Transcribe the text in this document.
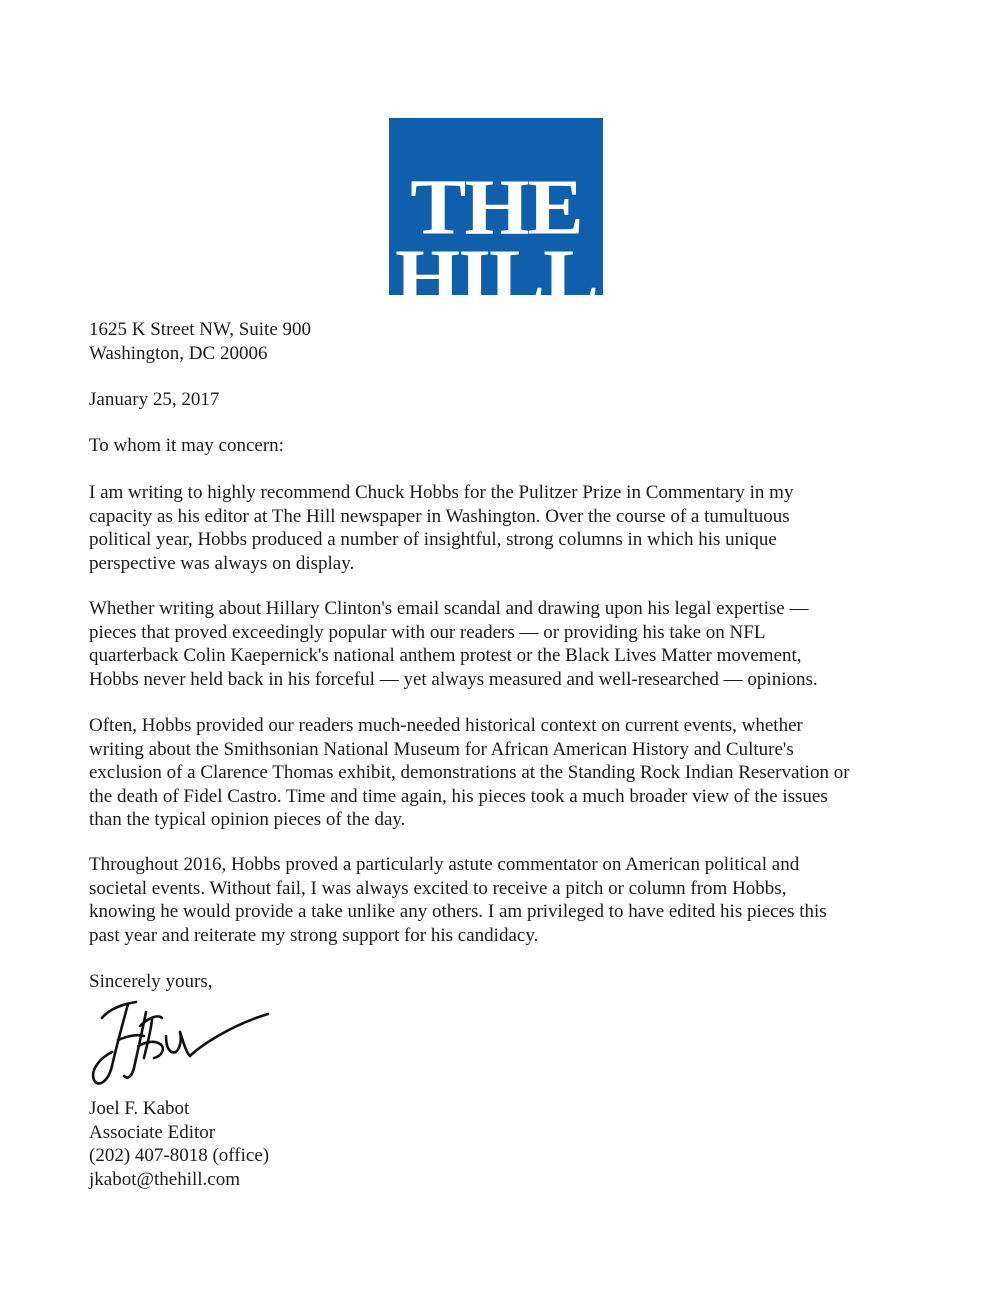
THE
HILL
1625 K Street NW, Suite 900
Washington, DC 20006
January 25, 2017
To whom it may concern:
I am writing to highly recommend Chuck Hobbs for the Pulitzer Prize in Commentary in my
capacity as his editor at The Hill newspaper in Washington. Over the course of a tumultuous
political year, Hobbs produced a number of insightful, strong columns in which his unique
perspective was always on display.
Whether writing about Hillary Clinton's email scandal and drawing upon his legal expertise —
pieces that proved exceedingly popular with our readers — or providing his take on NFL
quarterback Colin Kaepernick's national anthem protest or the Black Lives Matter movement,
Hobbs never held back in his forceful — yet always measured and well-researched — opinions.
Often, Hobbs provided our readers much-needed historical context on current events, whether
writing about the Smithsonian National Museum for African American History and Culture's
exclusion of a Clarence Thomas exhibit, demonstrations at the Standing Rock Indian Reservation or
the death of Fidel Castro. Time and time again, his pieces took a much broader view of the issues
than the typical opinion pieces of the day.
Throughout 2016, Hobbs proved a particularly astute commentator on American political and
societal events. Without fail, I was always excited to receive a pitch or column from Hobbs,
knowing he would provide a take unlike any others. I am privileged to have edited his pieces this
past year and reiterate my strong support for his candidacy.
Sincerely yours,
Joel F. Kabot
Associate Editor
(202) 407-8018 (office)
jkabot@thehill.com
